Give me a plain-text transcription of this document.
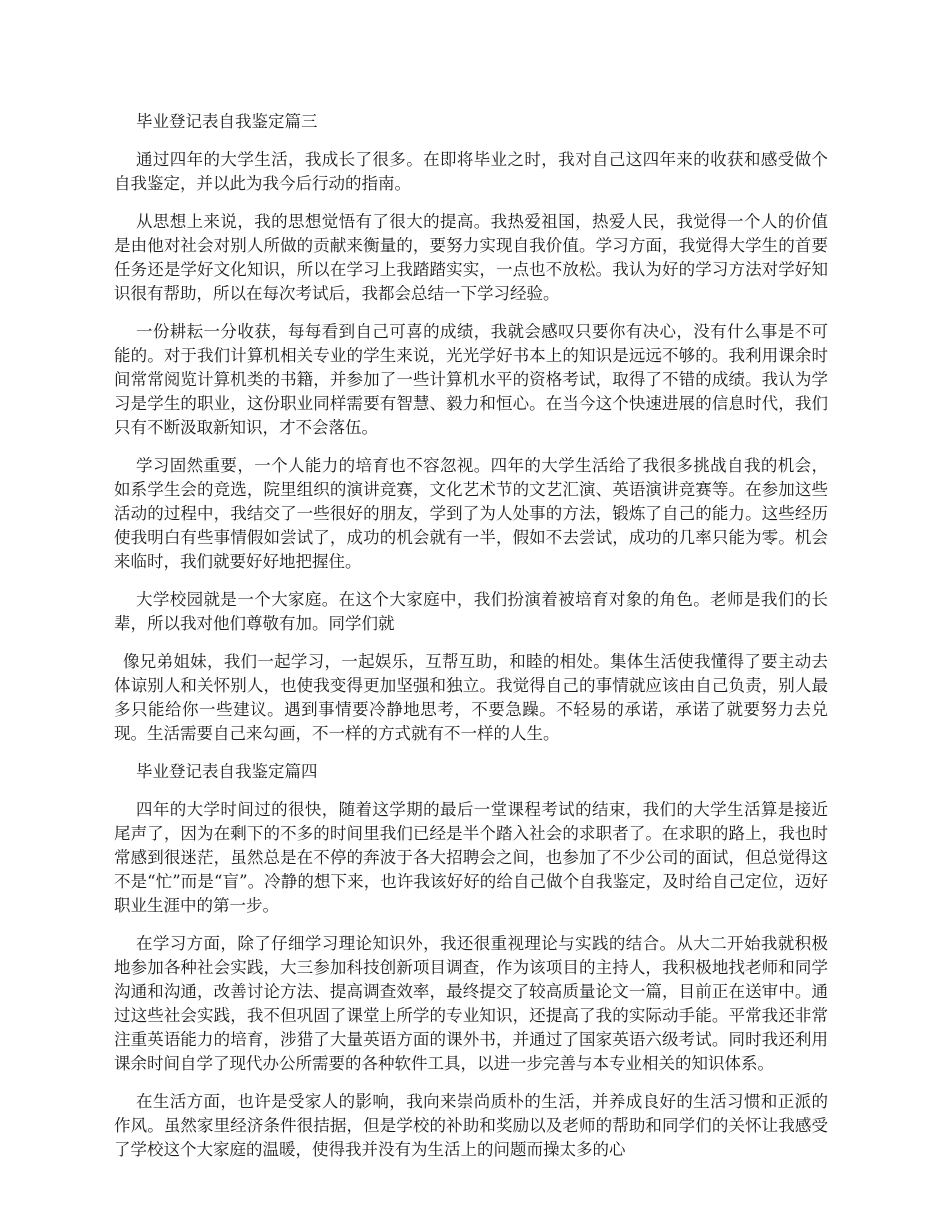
毕业登记表自我鉴定篇三

通过四年的大学生活，我成长了很多。在即将毕业之时，我对自己这四年来的收获和感受做个自我鉴定，并以此为我今后行动的指南。

从思想上来说，我的思想觉悟有了很大的提高。我热爱祖国，热爱人民，我觉得一个人的价值是由他对社会对别人所做的贡献来衡量的，要努力实现自我价值。学习方面，我觉得大学生的首要任务还是学好文化知识，所以在学习上我踏踏实实，一点也不放松。我认为好的学习方法对学好知识很有帮助，所以在每次考试后，我都会总结一下学习经验。

一份耕耘一分收获，每每看到自己可喜的成绩，我就会感叹只要你有决心，没有什么事是不可能的。对于我们计算机相关专业的学生来说，光光学好书本上的知识是远远不够的。我利用课余时间常常阅览计算机类的书籍，并参加了一些计算机水平的资格考试，取得了不错的成绩。我认为学习是学生的职业，这份职业同样需要有智慧、毅力和恒心。在当今这个快速进展的信息时代，我们只有不断汲取新知识，才不会落伍。

学习固然重要，一个人能力的培育也不容忽视。四年的大学生活给了我很多挑战自我的机会，如系学生会的竞选，院里组织的演讲竞赛，文化艺术节的文艺汇演、英语演讲竞赛等。在参加这些活动的过程中，我结交了一些很好的朋友，学到了为人处事的方法，锻炼了自己的能力。这些经历使我明白有些事情假如尝试了，成功的机会就有一半，假如不去尝试，成功的几率只能为零。机会来临时，我们就要好好地把握住。

大学校园就是一个大家庭。在这个大家庭中，我们扮演着被培育对象的角色。老师是我们的长辈，所以我对他们尊敬有加。同学们就

像兄弟姐妹，我们一起学习，一起娱乐，互帮互助，和睦的相处。集体生活使我懂得了要主动去体谅别人和关怀别人，也使我变得更加坚强和独立。我觉得自己的事情就应该由自己负责，别人最多只能给你一些建议。遇到事情要冷静地思考，不要急躁。不轻易的承诺，承诺了就要努力去兑现。生活需要自己来勾画，不一样的方式就有不一样的人生。

毕业登记表自我鉴定篇四

四年的大学时间过的很快，随着这学期的最后一堂课程考试的结束，我们的大学生活算是接近尾声了，因为在剩下的不多的时间里我们已经是半个踏入社会的求职者了。在求职的路上，我也时常感到很迷茫，虽然总是在不停的奔波于各大招聘会之间，也参加了不少公司的面试，但总觉得这不是“忙”而是“盲”。冷静的想下来，也许我该好好的给自己做个自我鉴定，及时给自己定位，迈好职业生涯中的第一步。

在学习方面，除了仔细学习理论知识外，我还很重视理论与实践的结合。从大二开始我就积极地参加各种社会实践，大三参加科技创新项目调查，作为该项目的主持人，我积极地找老师和同学沟通和沟通，改善讨论方法、提高调查效率，最终提交了较高质量论文一篇，目前正在送审中。通过这些社会实践，我不但巩固了课堂上所学的专业知识，还提高了我的实际动手能。平常我还非常注重英语能力的培育，涉猎了大量英语方面的课外书，并通过了国家英语六级考试。同时我还利用课余时间自学了现代办公所需要的各种软件工具，以进一步完善与本专业相关的知识体系。

在生活方面，也许是受家人的影响，我向来崇尚质朴的生活，并养成良好的生活习惯和正派的作风。虽然家里经济条件很拮据，但是学校的补助和奖励以及老师的帮助和同学们的关怀让我感受了学校这个大家庭的温暖，使得我并没有为生活上的问题而操太多的心
